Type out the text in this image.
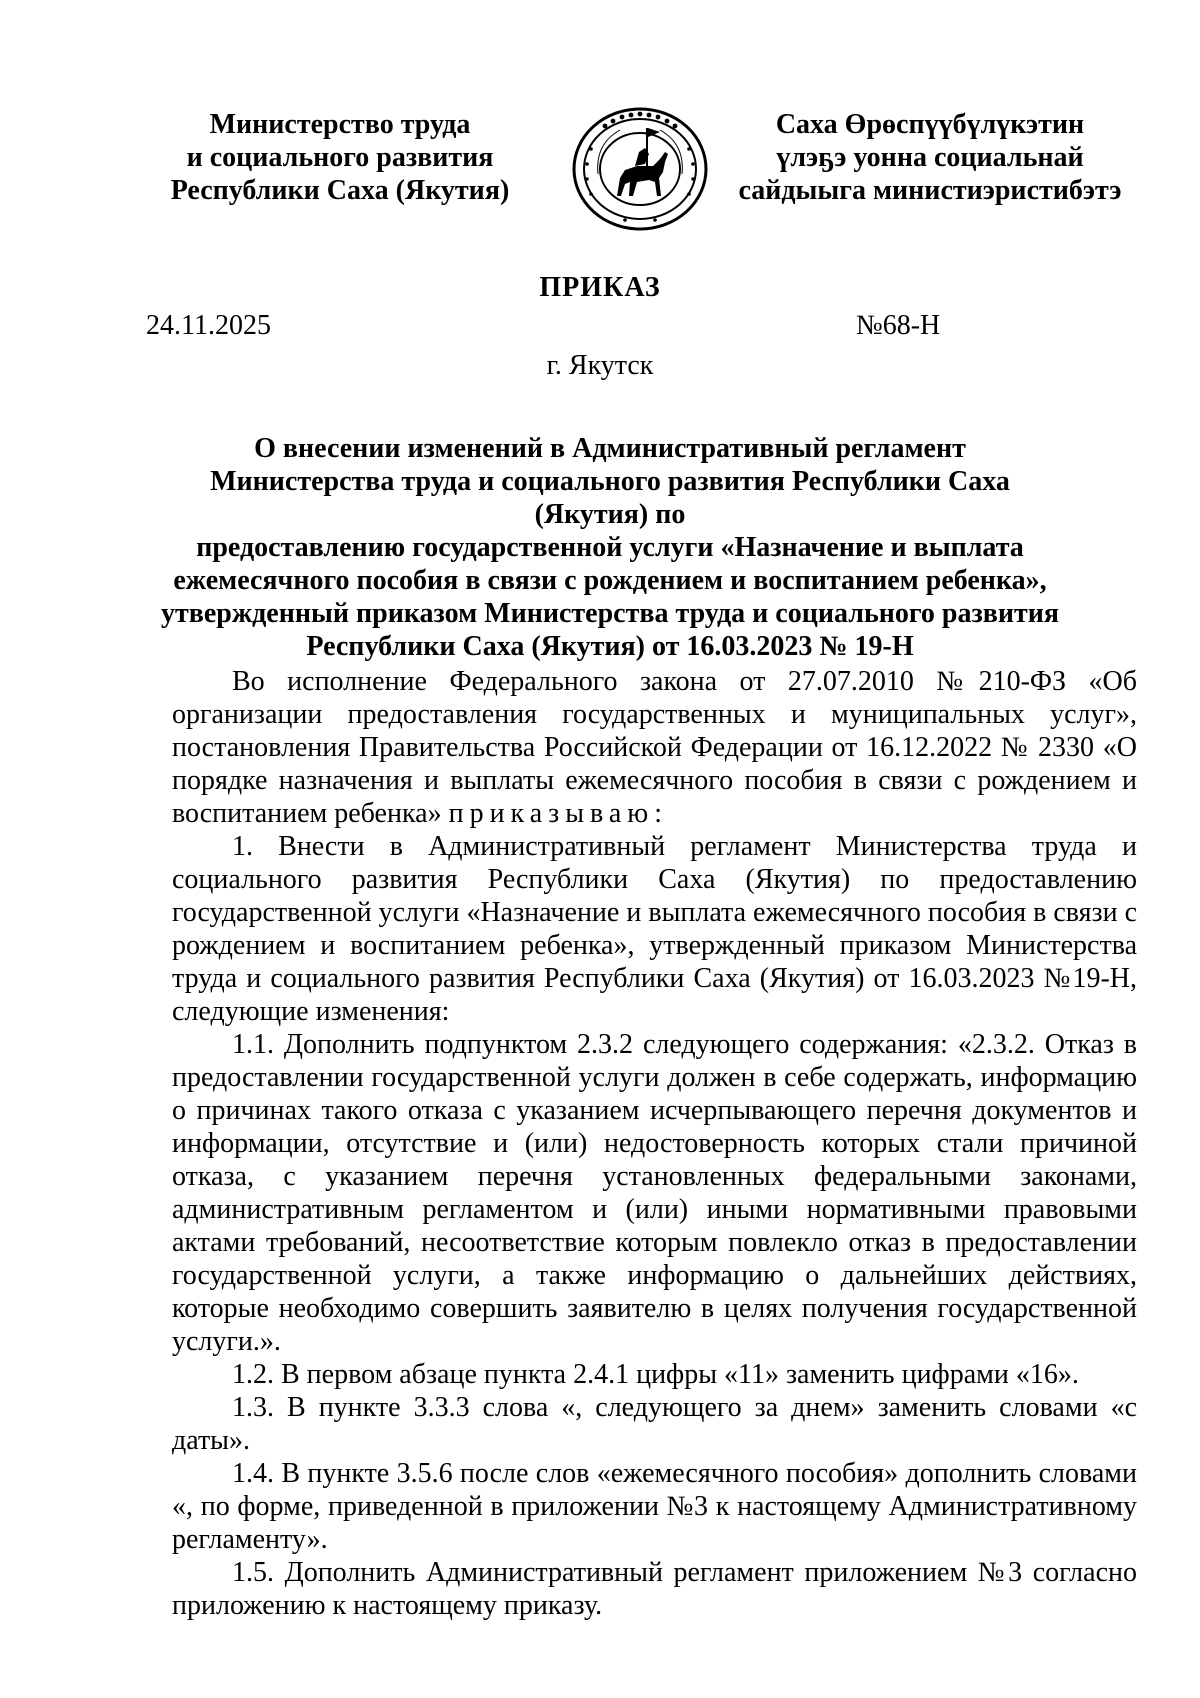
Министерство труда
и социального развития
Республики Саха (Якутия)
Саха Өрөспүүбүлүкэтин
үлэҕэ уонна социальнай
сайдыыга министиэристибэтэ
ПРИКАЗ
24.11.2025	№68-Н
г. Якутск
О внесении изменений в Административный регламент
Министерства труда и социального развития Республики Саха (Якутия) по
предоставлению государственной услуги «Назначение и выплата
ежемесячного пособия в связи с рождением и воспитанием ребенка»,
утвержденный приказом Министерства труда и социального развития
Республики Саха (Якутия) от 16.03.2023 № 19-Н

Во исполнение Федерального закона от 27.07.2010 №210-ФЗ «Об организации предоставления государственных и муниципальных услуг», постановления Правительства Российской Федерации от 16.12.2022 № 2330 «О порядке назначения и выплаты ежемесячного пособия в связи с рождением и воспитанием ребенка» приказываю:

1. Внести в Административный регламент Министерства труда и социального развития Республики Саха (Якутия) по предоставлению государственной услуги «Назначение и выплата ежемесячного пособия в связи с рождением и воспитанием ребенка», утвержденный приказом Министерства труда и социального развития Республики Саха (Якутия) от 16.03.2023 №19-Н, следующие изменения:

1.1. Дополнить подпунктом 2.3.2 следующего содержания: «2.3.2. Отказ в предоставлении государственной услуги должен в себе содержать, информацию о причинах такого отказа с указанием исчерпывающего перечня документов и информации, отсутствие и (или) недостоверность которых стали причиной отказа, с указанием перечня установленных федеральными законами, административным регламентом и (или) иными нормативными правовыми актами требований, несоответствие которым повлекло отказ в предоставлении государственной услуги, а также информацию о дальнейших действиях, которые необходимо совершить заявителю в целях получения государственной услуги.».

1.2. В первом абзаце пункта 2.4.1 цифры «11» заменить цифрами «16».

1.3. В пункте 3.3.3 слова «, следующего за днем» заменить словами «с даты».

1.4. В пункте 3.5.6 после слов «ежемесячного пособия» дополнить словами «, по форме, приведенной в приложении №3 к настоящему Административному регламенту».

1.5. Дополнить Административный регламент приложением №3 согласно приложению к настоящему приказу.
